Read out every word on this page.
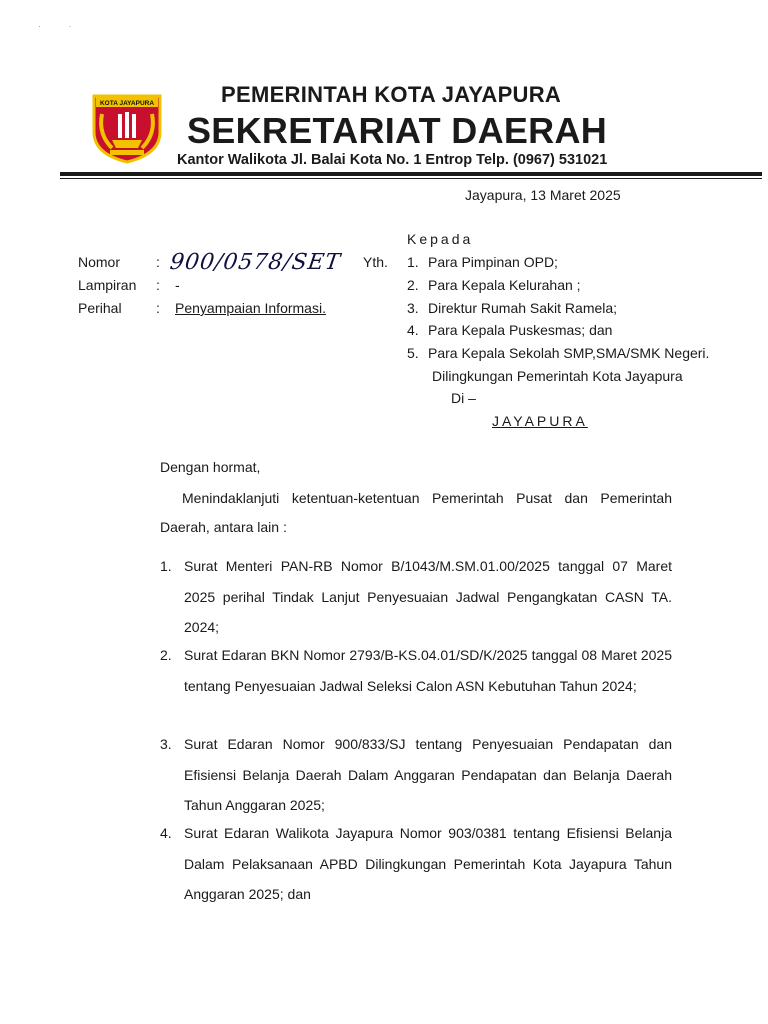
··
KOTA JAYAPURA	PEMERINTAH KOTA JAYAPURA
SEKRETARIAT DAERAH
Kantor Walikota Jl. Balai Kota No. 1 Entrop Telp. (0967) 531021
Jayapura, 13 Maret 2025
Kepada
Nomor	: 900/0578/SET
Lampiran : -
Perihal : Penyampaian Informasi.
Yth. 1. Para Pimpinan OPD;
2. Para Kepala Kelurahan ;
3. Direktur Rumah Sakit Ramela;
4. Para Kepala Puskesmas; dan
5. Para Kepala Sekolah SMP,SMA/SMK Negeri.
Dilingkungan Pemerintah Kota Jayapura
Di –
JAYAPURA
Dengan hormat,
Menindaklanjuti ketentuan-ketentuan Pemerintah Pusat dan Pemerintah
Daerah, antara lain :
1. Surat Menteri PAN-RB Nomor B/1043/M.SM.01.00/2025 tanggal 07 Maret 2025 perihal Tindak Lanjut Penyesuaian Jadwal Pengangkatan CASN TA. 2024;
2. Surat Edaran BKN Nomor 2793/B-KS.04.01/SD/K/2025 tanggal 08 Maret 2025 tentang Penyesuaian Jadwal Seleksi Calon ASN Kebutuhan Tahun 2024;
3. Surat Edaran Nomor 900/833/SJ tentang Penyesuaian Pendapatan dan Efisiensi Belanja Daerah Dalam Anggaran Pendapatan dan Belanja Daerah Tahun Anggaran 2025;
4. Surat Edaran Walikota Jayapura Nomor 903/0381 tentang Efisiensi Belanja Dalam Pelaksanaan APBD Dilingkungan Pemerintah Kota Jayapura Tahun Anggaran 2025; dan
